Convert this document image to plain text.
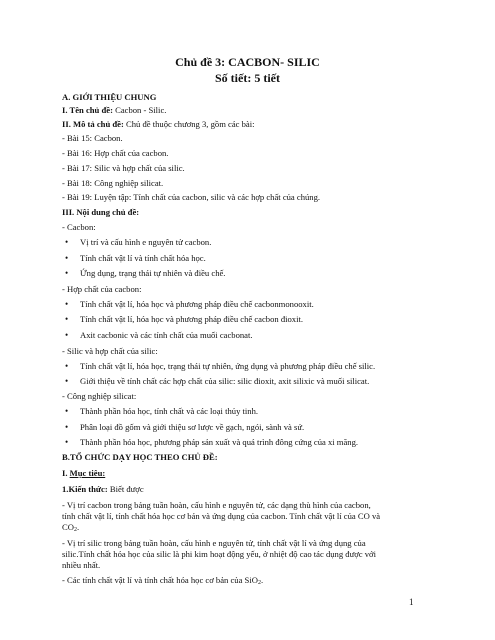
Chủ đề 3: CACBON- SILIC
Số tiết: 5 tiết
A. GIỚI THIỆU CHUNG
I. Tên chủ đề: Cacbon - Silic.
II. Mô tả chủ đề: Chủ đề thuộc chương 3, gồm các bài:
- Bài 15: Cacbon.
- Bài 16: Hợp chất của cacbon.
- Bài 17: Silic và hợp chất của silic.
- Bài 18: Công nghiệp silicat.
- Bài 19: Luyện tập: Tính chất của cacbon, silic và các hợp chất của chúng.
III. Nội dung chủ đề:
- Cacbon:
• Vị trí và cấu hình e nguyên tử cacbon.
• Tính chất vật lí và tính chất hóa học.
• Ứng dụng, trạng thái tự nhiên và điều chế.
- Hợp chất của cacbon:
• Tính chất vật lí, hóa học và phương pháp điều chế cacbonmonooxit.
• Tính chất vật lí, hóa học và phương pháp điều chế cacbon đioxit.
• Axit cacbonic và các tính chất của muối cacbonat.
- Silic và hợp chất của silic:
• Tính chất vật lí, hóa học, trạng thái tự nhiên, ứng dụng và phương pháp điều chế silic.
• Giới thiệu về tính chất các hợp chất của silic: silic đioxit, axit silixic và muối silicat.
• Thành phần hóa học, phương pháp sản xuất và quá trình đông cứng của xi măng.
- Công nghiệp silicat:
• Thành phần hóa học, tính chất và các loại thủy tinh.
• Phân loại đồ gốm và giới thiệu sơ lược về gạch, ngói, sành và sứ.
B.TỔ CHỨC DẠY HỌC THEO CHỦ ĐỀ:
I. Mục tiêu:
1.Kiến thức: Biết được
- Vị trí cacbon trong bảng tuần hoàn, cấu hình e nguyên tử, các dạng thù hình của cacbon,
tính chất vật lí, tính chất hóa học cơ bản và ứng dụng của cacbon. Tính chất vật lí của CO và
$CO_2$.
- Vị trí silic trong bảng tuần hoàn, cấu hình e nguyên tử, tính chất vật lí và ứng dụng của
silic.Tính chất hóa học của silic là phi kim hoạt động yếu, ở nhiệt độ cao tác dụng được với
nhiều nhất.
- Các tính chất vật lí và tính chất hóa học cơ bản của SiO$_2$.
1
